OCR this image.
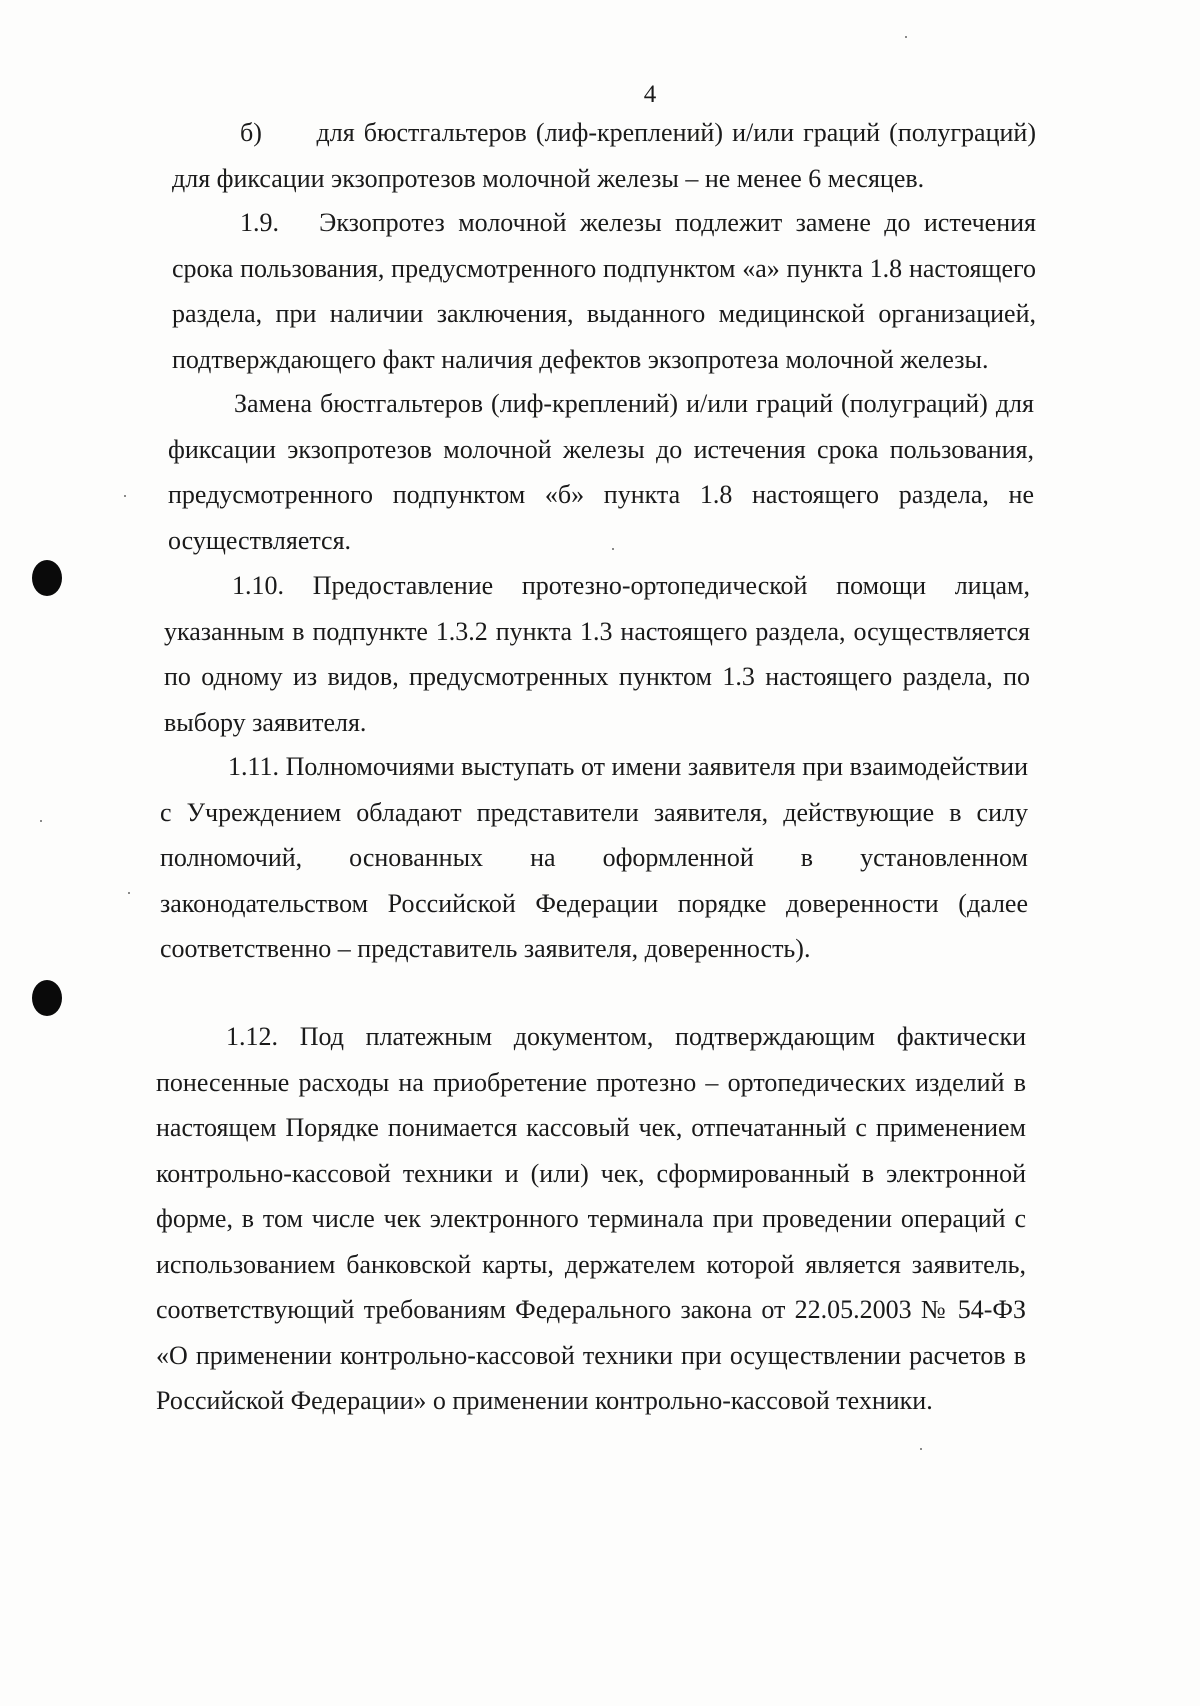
4

б)      для бюстгальтеров (лиф-креплений) и/или граций (полуграций) для фиксации экзопротезов молочной железы – не менее 6 месяцев.

1.9.   Экзопротез молочной железы подлежит замене до истечения срока пользования, предусмотренного подпунктом «а» пункта 1.8 настоящего раздела, при наличии заключения, выданного медицинской организацией, подтверждающего факт наличия дефектов экзопротеза молочной железы.

Замена бюстгальтеров (лиф-креплений) и/или граций (полуграций) для фиксации экзопротезов молочной железы до истечения срока пользования, предусмотренного подпунктом «б» пункта 1.8 настоящего раздела, не осуществляется.

1.10. Предоставление протезно-ортопедической помощи лицам, указанным в подпункте 1.3.2 пункта 1.3 настоящего раздела, осуществляется по одному из видов, предусмотренных пунктом 1.3 настоящего раздела, по выбору заявителя.

1.11. Полномочиями выступать от имени заявителя при взаимодействии с Учреждением обладают представители заявителя, действующие в силу полномочий, основанных на оформленной в установленном законодательством Российской Федерации порядке доверенности (далее соответственно – представитель заявителя, доверенность).

1.12. Под платежным документом, подтверждающим фактически понесенные расходы на приобретение протезно – ортопедических изделий в настоящем Порядке понимается кассовый чек, отпечатанный с применением контрольно-кассовой техники и (или) чек, сформированный в электронной форме, в том числе чек электронного терминала при проведении операций с использованием банковской карты, держателем которой является заявитель, соответствующий требованиям Федерального закона от 22.05.2003 № 54-ФЗ «О применении контрольно-кассовой техники при осуществлении расчетов в Российской Федерации» о применении контрольно-кассовой техники.
